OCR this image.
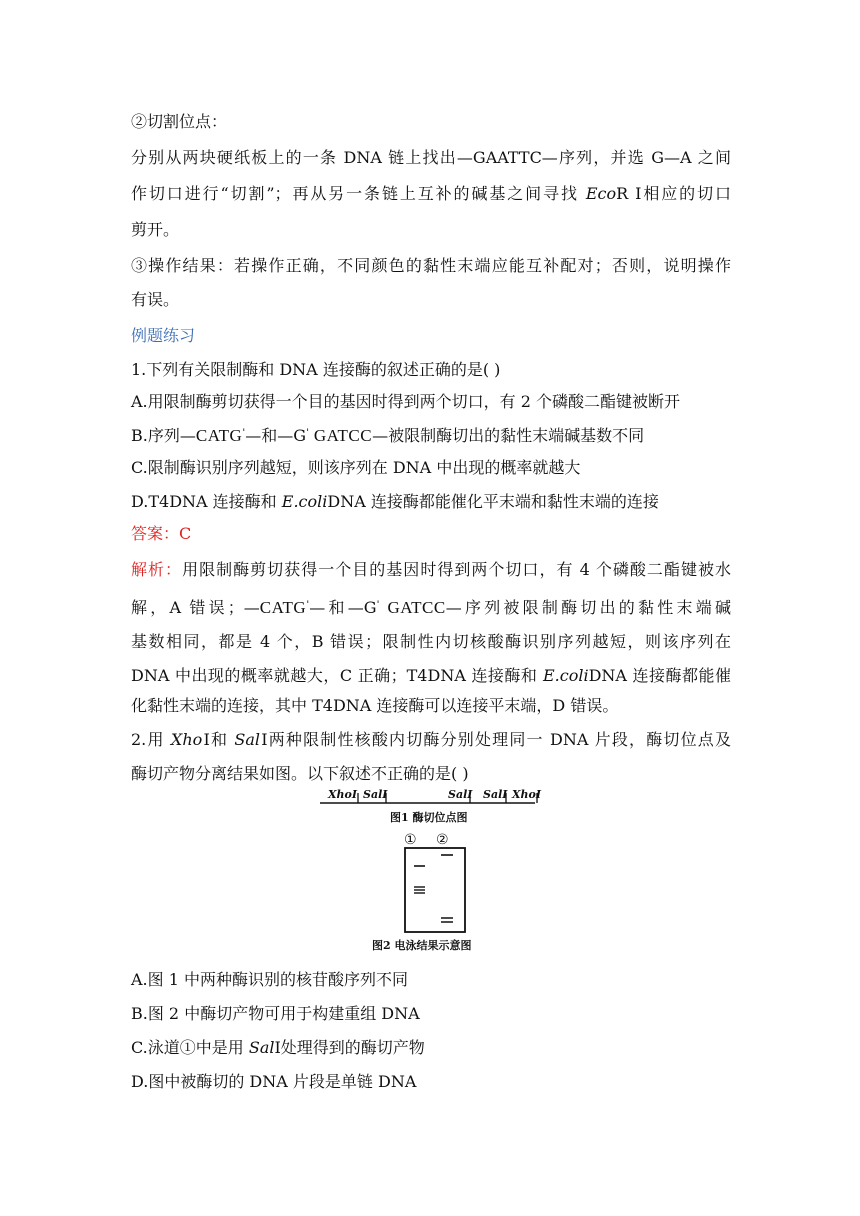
②切割位点：
分别从两块硬纸板上的一条 DNA 链上找出—GAATTC—序列，并选 G—A 之间
作切口进行“切割”；再从另一条链上互补的碱基之间寻找 EcoR Ⅰ相应的切口
剪开。
③操作结果：若操作正确，不同颜色的黏性末端应能互补配对；否则，说明操作
有误。
例题练习
1.下列有关限制酶和 DNA 连接酶的叙述正确的是( )
A.用限制酶剪切获得一个目的基因时得到两个切口，有 2 个磷酸二酯键被断开
B.序列$—CATG^ˈ—$和$—G^ˈ$ GATCC—被限制酶切出的黏性末端碱基数不同
C.限制酶识别序列越短，则该序列在 DNA 中出现的概率就越大
D.T4DNA 连接酶和 E.coliDNA 连接酶都能催化平末端和黏性末端的连接
答案：C
解析：用限制酶剪切获得一个目的基因时得到两个切口，有 4 个磷酸二酯键被水
解，A 错误；$—CATG^ˈ—$和$—G^ˈ$ GATCC—序列被限制酶切出的黏性末端碱
基数相同，都是 4 个，B 错误；限制性内切核酸酶识别序列越短，则该序列在
DNA 中出现的概率就越大，C 正确；T4DNA 连接酶和 E.coliDNA 连接酶都能催
化黏性末端的连接，其中 T4DNA 连接酶可以连接平末端，D 错误。
2.用 XhoⅠ和 SalⅠ两种限制性核酸内切酶分别处理同一 DNA 片段，酶切位点及
酶切产物分离结果如图。以下叙述不正确的是( )
XhoⅠ SalⅠ	SalⅠ SalⅠ XhoⅠ
图1 酶切位点图
① ②
图2 电泳结果示意图
A.图 1 中两种酶识别的核苷酸序列不同
B.图 2 中酶切产物可用于构建重组 DNA
C.泳道①中是用 SalⅠ处理得到的酶切产物
D.图中被酶切的 DNA 片段是单链 DNA
